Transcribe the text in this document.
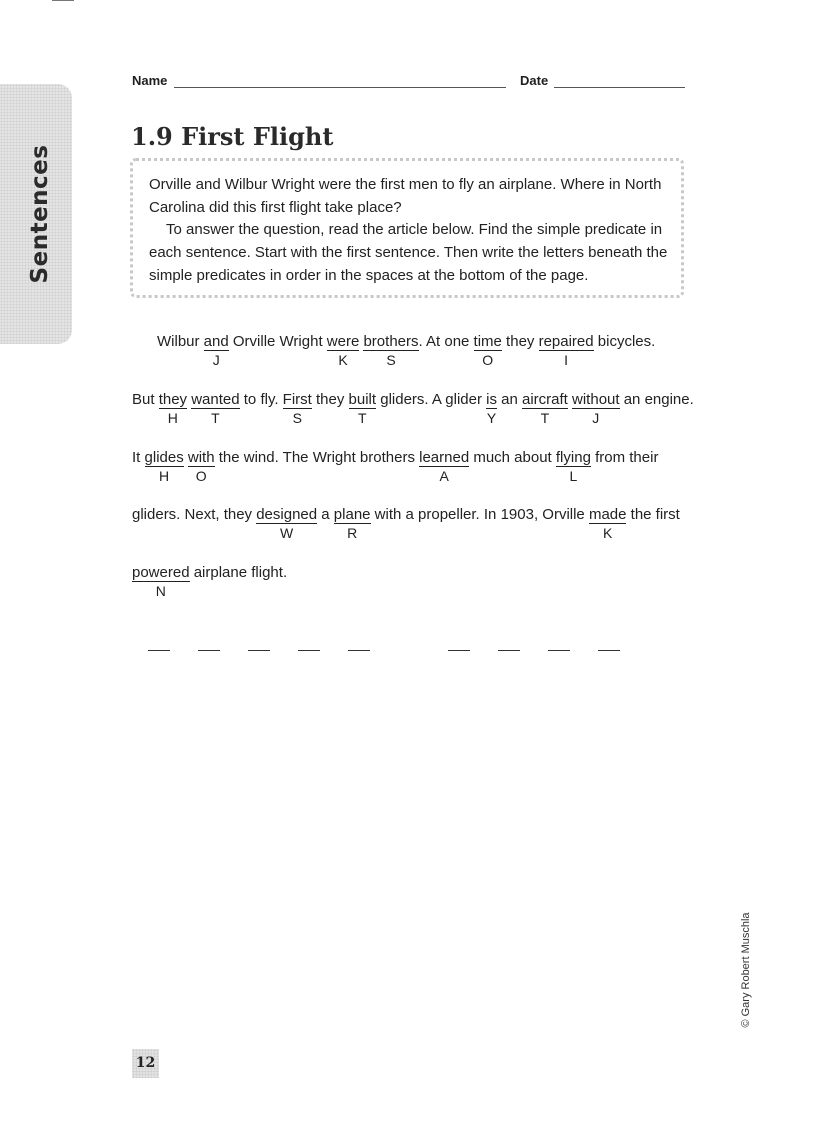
Sentences
Name	Date
1.9 First Flight

Orville and Wilbur Wright were the first men to fly an airplane. Where in North Carolina did this first flight take place?

To answer the question, read the article below. Find the simple predicate in each sentence. Start with the first sentence. Then write the letters beneath the simple predicates in order in the spaces at the bottom of the page.

Wilbur and
J
Orville Wright were
K
brothers
S
. At one time
O
they repaired
I
bicycles.
But they
H
wanted
T
to fly. First
S
they built
T
gliders. A glider is
Y
an aircraft
T
without
J
an engine.
It glides
H
with
O
the wind. The Wright brothers learned
A
much about flying
L
from their
gliders. Next, they designed
W
a plane
R
with a propeller. In 1903, Orville made
K
the first
powered
N
airplane flight.
© Gary Robert Muschla
12
